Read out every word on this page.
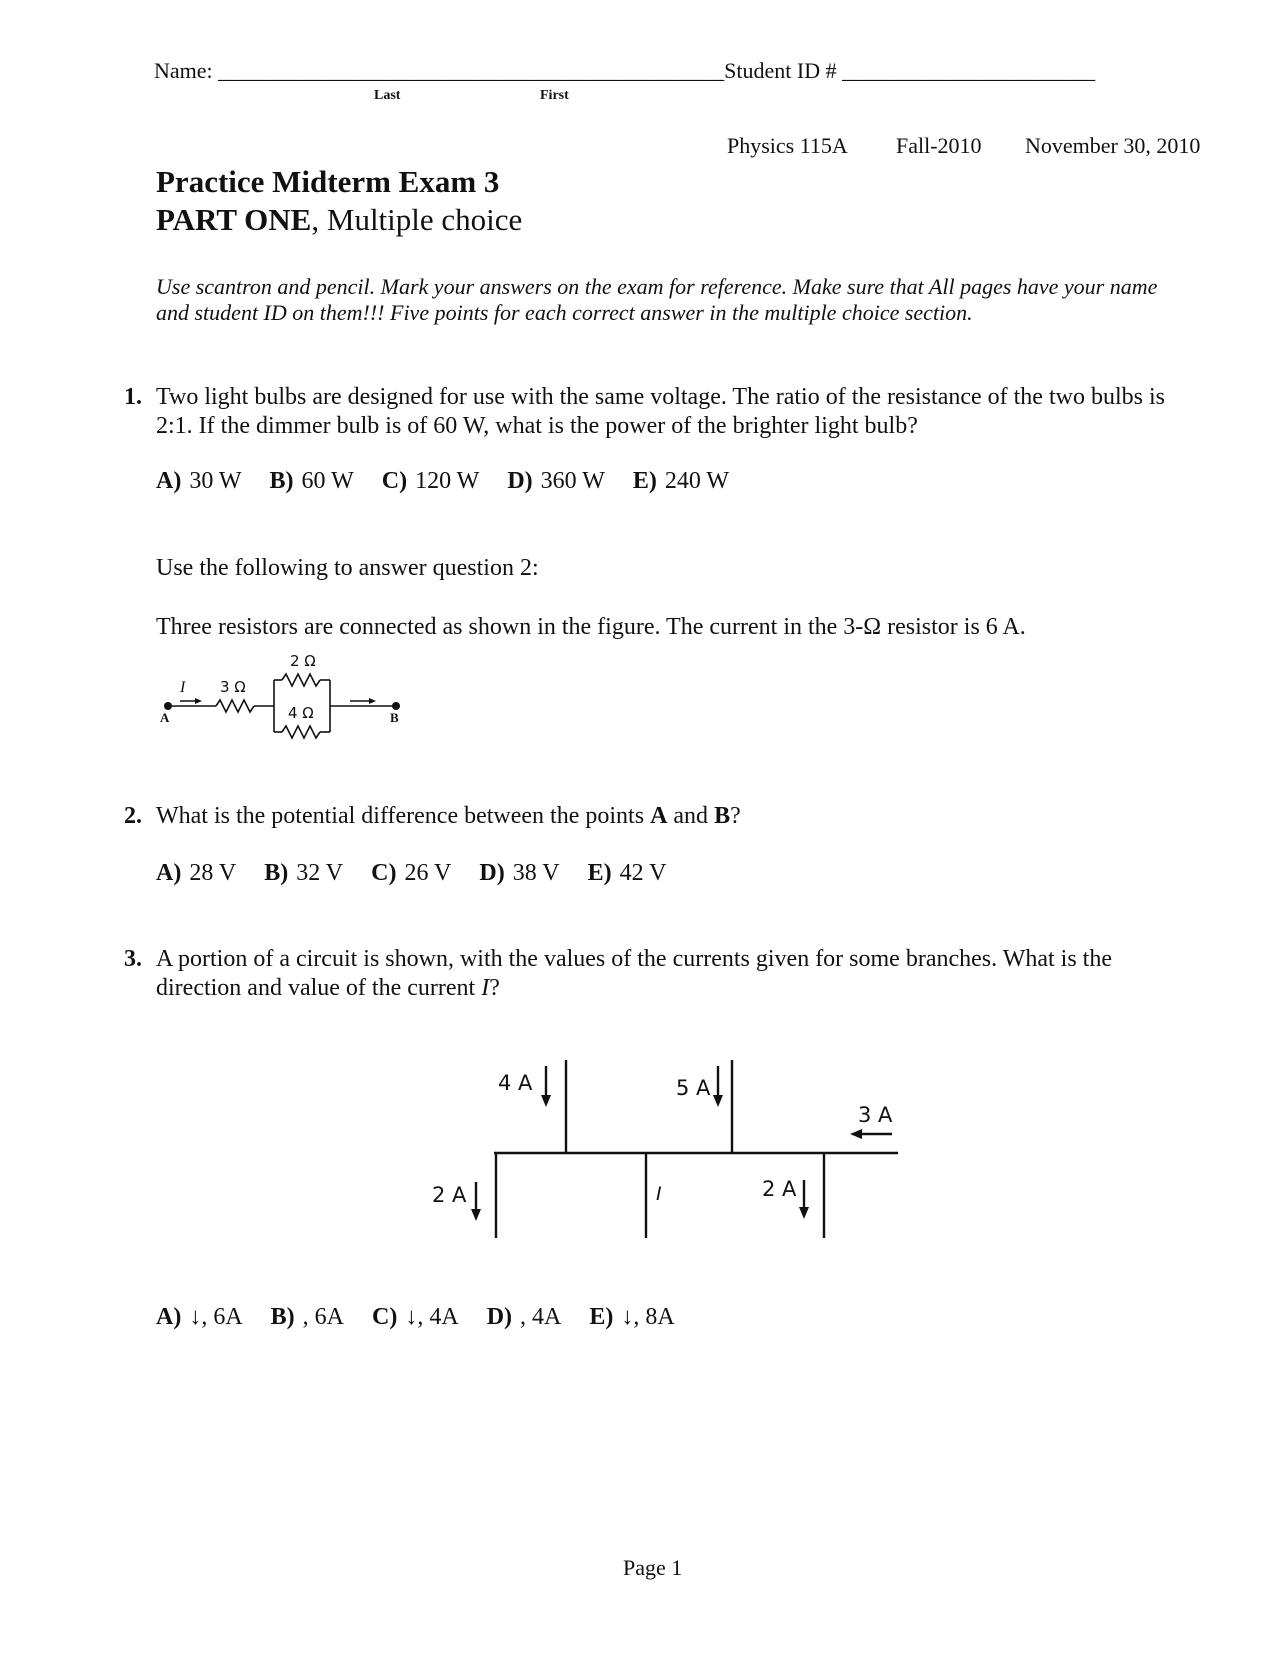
Name: ______________________________________________Student ID # _______________________
Last	First
Physics 115A Fall-2010 November 30, 2010
Practice Midterm Exam 3
PART ONE, Multiple choice
Use scantron and pencil. Mark your answers on the exam for reference. Make sure that All pages have your name
and student ID on them!!! Five points for each correct answer in the multiple choice section.
1. Two light bulbs are designed for use with the same voltage. The ratio of the resistance of the two bulbs is
2:1. If the dimmer bulb is of 60 W, what is the power of the brighter light bulb?
A) 30 W B) 60 W C) 120 W D) 360 W E) 240 W
Use the following to answer question 2:
Three resistors are connected as shown in the figure. The current in the 3-Ω resistor is 6 A.
2 Ω
3 Ω
4 Ω
I
A	B
2. What is the potential difference between the points A and B?
A) 28 V B) 32 V C) 26 V D) 38 V E) 42 V
3. A portion of a circuit is shown, with the values of the currents given for some branches. What is the
direction and value of the current I?
4 A	5 A
3 A
2 A	2 A
I
A) ↓, 6A B) , 6A C) ↓, 4A D) , 4A E) ↓, 8A
Page 1
